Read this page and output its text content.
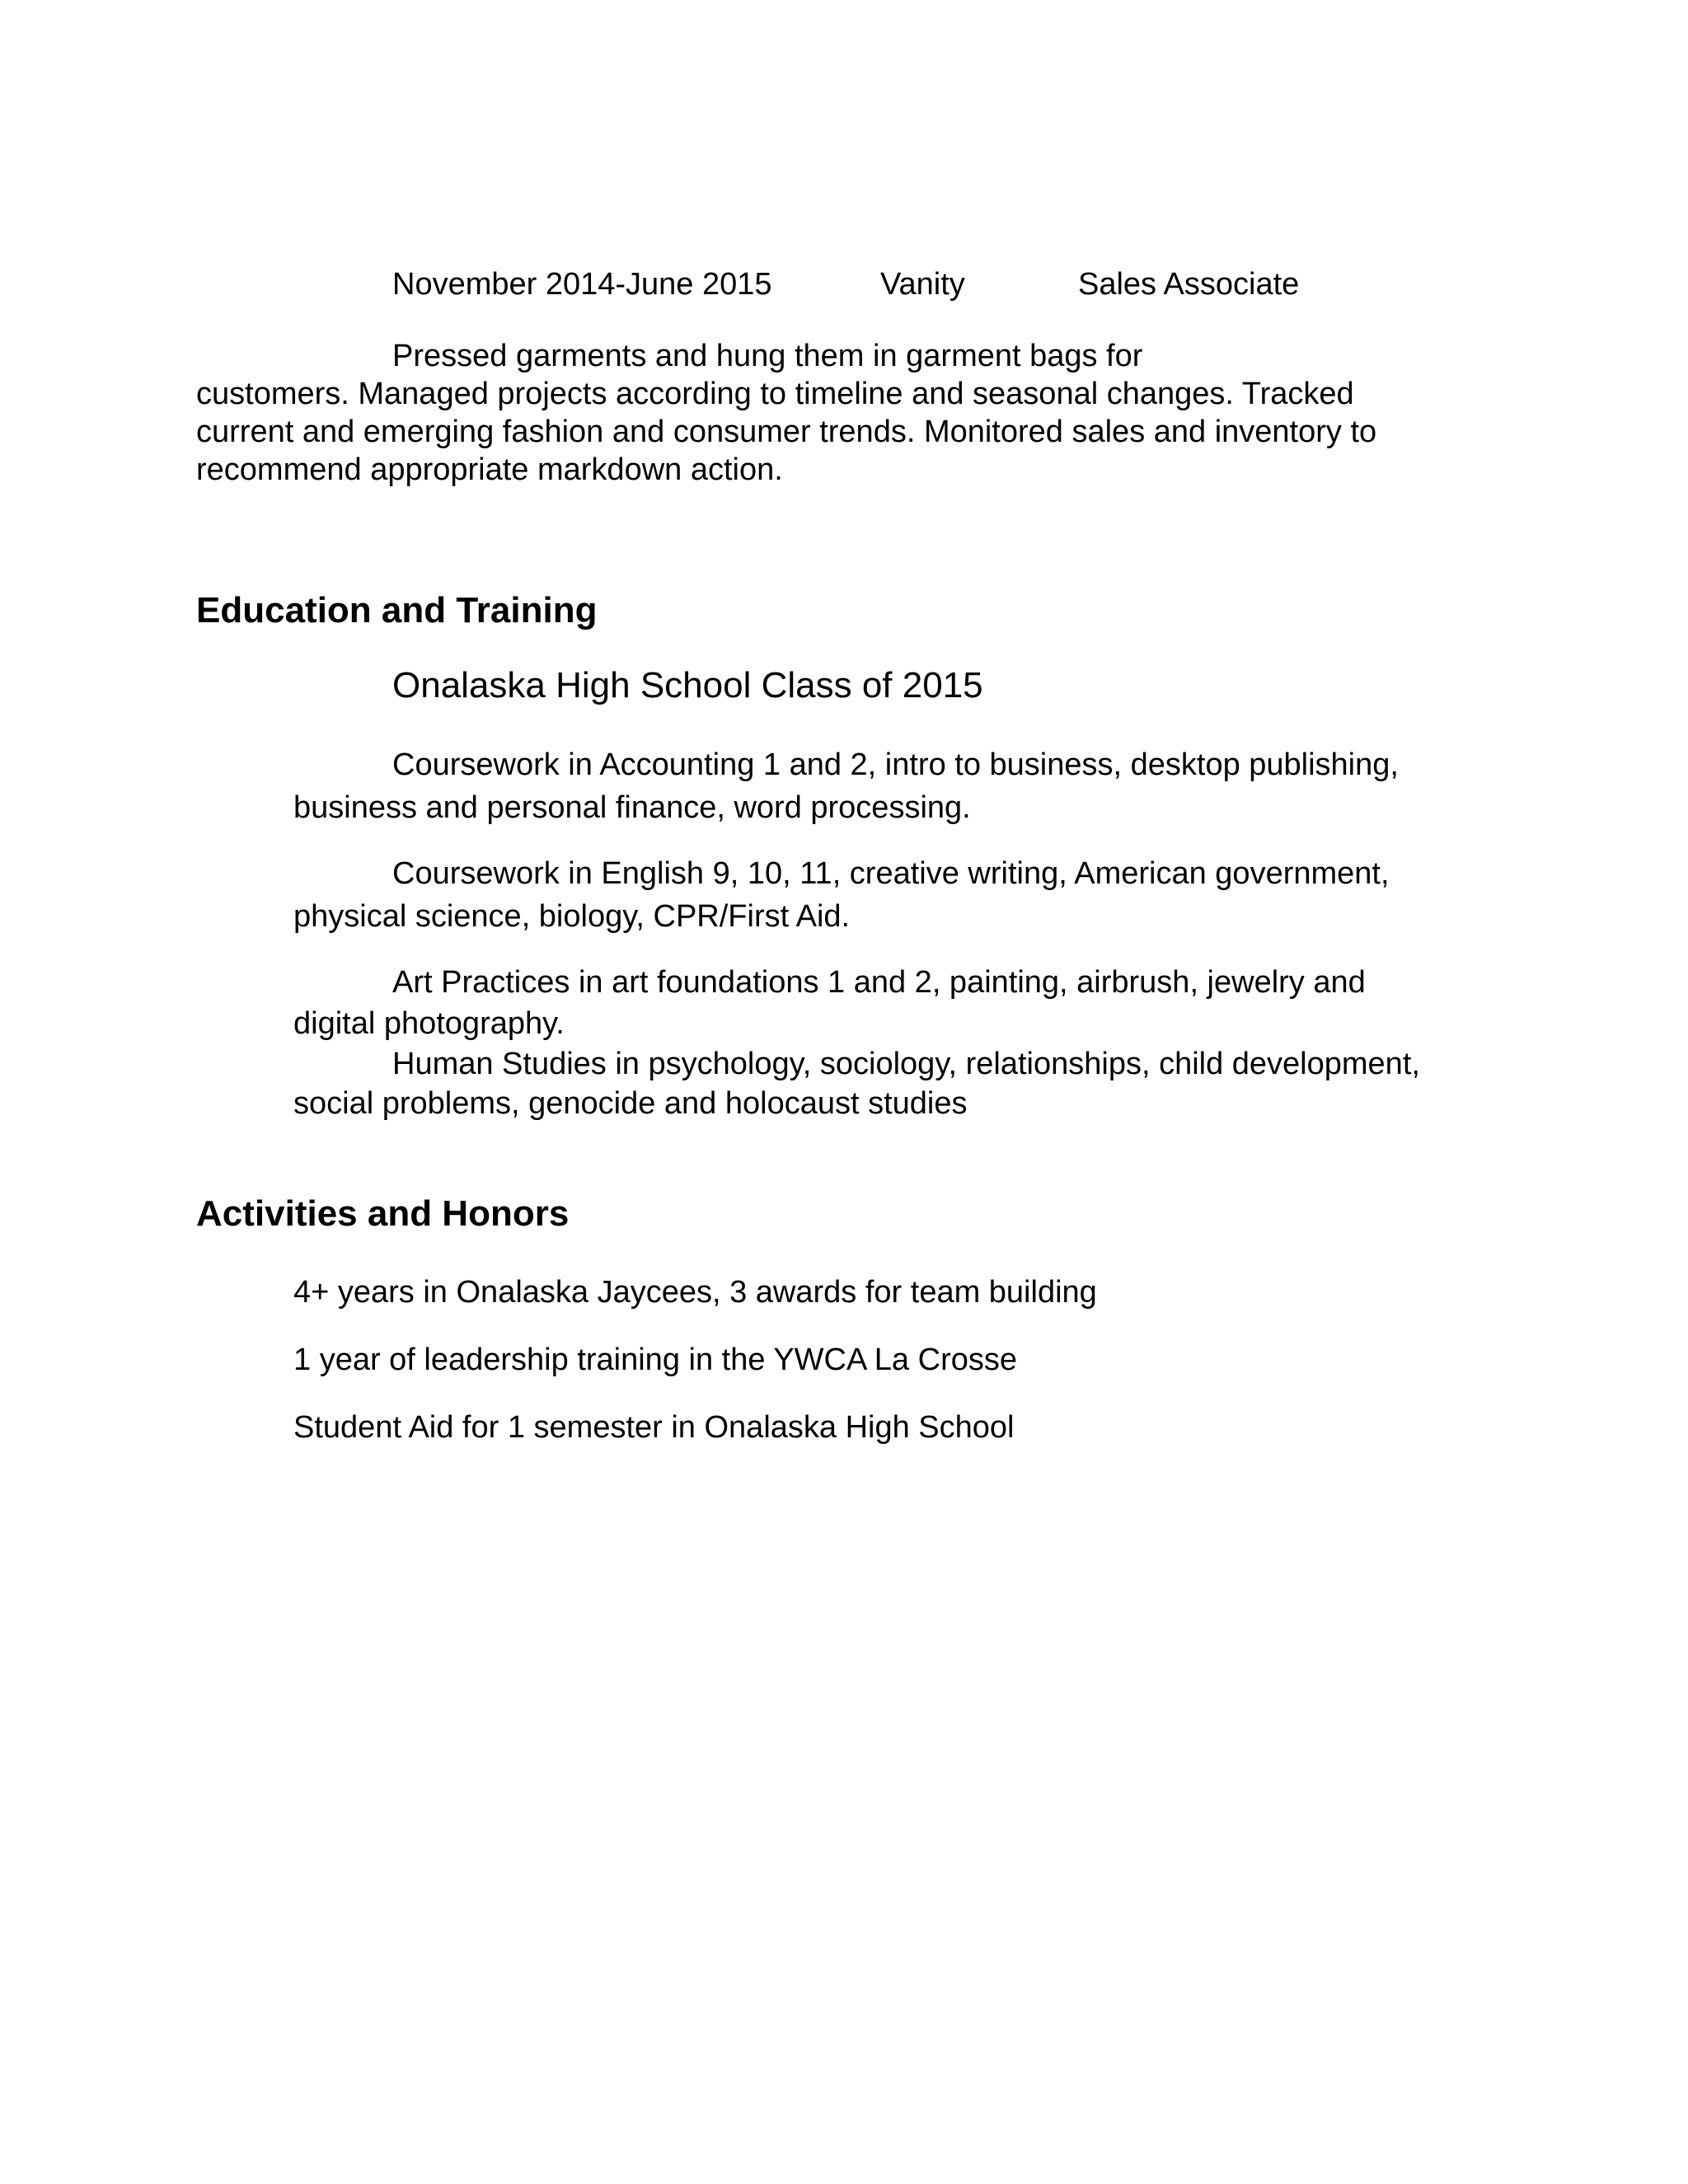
November 2014-June 2015	Vanity	Sales Associate
Pressed garments and hung them in garment bags for
customers. Managed projects according to timeline and seasonal changes. Tracked
current and emerging fashion and consumer trends. Monitored sales and inventory to
recommend appropriate markdown action.
Education and Training
Onalaska High School Class of 2015
Coursework in Accounting 1 and 2, intro to business, desktop publishing,
business and personal finance, word processing.
Coursework in English 9, 10, 11, creative writing, American government,
physical science, biology, CPR/First Aid.
Art Practices in art foundations 1 and 2, painting, airbrush, jewelry and
digital photography.
Human Studies in psychology, sociology, relationships, child development,
social problems, genocide and holocaust studies
Activities and Honors
4+ years in Onalaska Jaycees, 3 awards for team building
1 year of leadership training in the YWCA La Crosse
Student Aid for 1 semester in Onalaska High School
